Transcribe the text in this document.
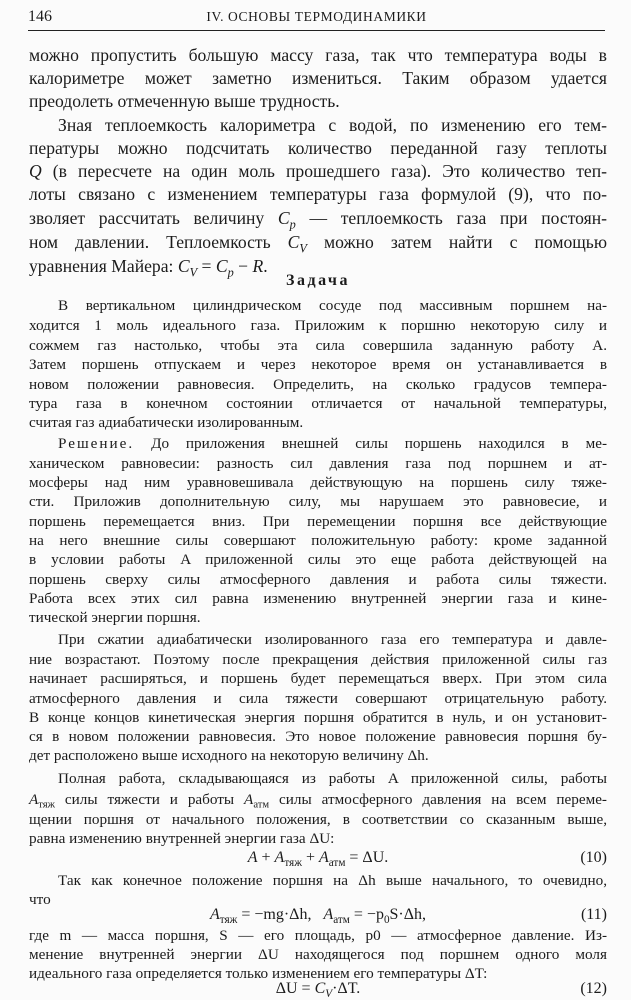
146	IV. ОСНОВЫ ТЕРМОДИНАМИКИ
можно пропустить большую массу газа, так что температура воды в
калориметре может заметно измениться. Таким образом удается
преодолеть отмеченную выше трудность.
Зная теплоемкость калориметра с водой, по изменению его тем-
пературы можно подсчитать количество переданной газу теплоты
Q (в пересчете на один моль прошедшего газа). Это количество теп-
лоты связано с изменением температуры газа формулой (9), что по-
зволяет рассчитать величину $C_p$ — теплоемкость газа при постоян-
ном давлении. Теплоемкость $C_V$ можно затем найти с помощью
уравнения Майера: $C_V = C_p - R$.
Задача
В вертикальном цилиндрическом сосуде под массивным поршнем на-
ходится 1 моль идеального газа. Приложим к поршню некоторую силу и
сожмем газ настолько, чтобы эта сила совершила заданную работу A.
Затем поршень отпускаем и через некоторое время он устанавливается в
новом положении равновесия. Определить, на сколько градусов темпера-
тура газа в конечном состоянии отличается от начальной температуры,
считая газ адиабатически изолированным.
Решение. До приложения внешней силы поршень находился в ме-
ханическом равновесии: разность сил давления газа под поршнем и ат-
мосферы над ним уравновешивала действующую на поршень силу тяже-
сти. Приложив дополнительную силу, мы нарушаем это равновесие, и
поршень перемещается вниз. При перемещении поршня все действующие
на него внешние силы совершают положительную работу: кроме заданной
в условии работы A приложенной силы это еще работа действующей на
поршень сверху силы атмосферного давления и работа силы тяжести.
Работа всех этих сил равна изменению внутренней энергии газа и кине-
тической энергии поршня.
При сжатии адиабатически изолированного газа его температура и давле-
ние возрастают. Поэтому после прекращения действия приложенной силы газ
начинает расширяться, и поршень будет перемещаться вверх. При этом сила
атмосферного давления и сила тяжести совершают отрицательную работу.
В конце концов кинетическая энергия поршня обратится в нуль, и он установит-
ся в новом положении равновесия. Это новое положение равновесия поршня бу-
дет расположено выше исходного на некоторую величину Δh.
Полная работа, складывающаяся из работы A приложенной силы, работы
$A_{тяж}$ силы тяжести и работы $A_{атм}$ силы атмосферного давления на всем переме-
щении поршня от начального положения, в соответствии со сказанным выше,
равна изменению внутренней энергии газа ΔU:
$A + A_{тяж} + A_{атм} = \Delta U$.	(10)
Так как конечное положение поршня на Δh выше начального, то очевидно,
что
$A_{тяж} = -mg\cdot\Delta h$, $A_{атм} = -p_0S\cdot\Delta h$,	(11)
где m — масса поршня, S — его площадь, p0 — атмосферное давление. Из-
менение внутренней энергии ΔU находящегося под поршнем одного моля
идеального газа определяется только изменением его температуры ΔT:
$\Delta U = C_V\cdot\Delta T$.	(12)
